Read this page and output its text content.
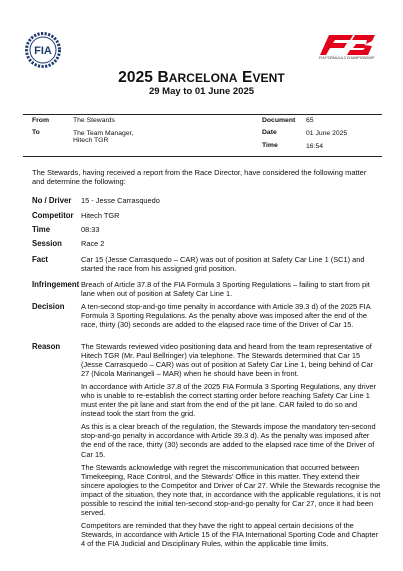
FIA
FIA FORMULA 3 CHAMPIONSHIP
2025 BARCELONA EVENT
29 May to 01 June 2025
From	The Stewards
To	The Team Manager,
Hitech TGR
Document 65
Date	01 June 2025
Time	16:54
The Stewards, having received a report from the Race Director, have considered the following matter and determine the following:
No / Driver 15 - Jesse Carrasquedo
Competitor Hitech TGR
Time	08:33
Session	Race 2
Fact	Car 15 (Jesse Carrasquedo – CAR) was out of position at Safety Car Line 1 (SC1) and started the race from his assigned grid position.
Infringement Breach of Article 37.8 of the FIA Formula 3 Sporting Regulations – failing to start from pit lane when out of position at Safety Car Line 1.
Decision A ten-second stop-and-go time penalty in accordance with Article 39.3 d) of the 2025 FIA Formula 3 Sporting Regulations. As the penalty above was imposed after the end of the race, thirty (30) seconds are added to the elapsed race time of the Driver of Car 15.
Reason	The Stewards reviewed video positioning data and heard from the team representative of Hitech TGR (Mr. Paul Bellringer) via telephone. The Stewards determined that Car 15 (Jesse Carrasquedo – CAR) was out of position at Safety Car Line 1, being behind of Car 27 (Nicola Marinangeli – MAR) when he should have been in front.

In accordance with Article 37.8 of the 2025 FIA Formula 3 Sporting Regulations, any driver who is unable to re-establish the correct starting order before reaching Safety Car Line 1 must enter the pit lane and start from the end of the pit lane. CAR failed to do so and instead took the start from the grid.

As this is a clear breach of the regulation, the Stewards impose the mandatory ten-second stop-and-go penalty in accordance with Article 39.3 d). As the penalty was imposed after the end of the race, thirty (30) seconds are added to the elapsed race time of the Driver of Car 15.

The Stewards acknowledge with regret the miscommunication that occurred between Timekeeping, Race Control, and the Stewards' Office in this matter. They extend their sincere apologies to the Competitor and Driver of Car 27. While the Stewards recognise the impact of the situation, they note that, in accordance with the applicable regulations, it is not possible to rescind the initial ten-second stop-and-go penalty for Car 27, once it had been served.

Competitors are reminded that they have the right to appeal certain decisions of the Stewards, in accordance with Article 15 of the FIA International Sporting Code and Chapter 4 of the FIA Judicial and Disciplinary Rules, within the applicable time limits.
